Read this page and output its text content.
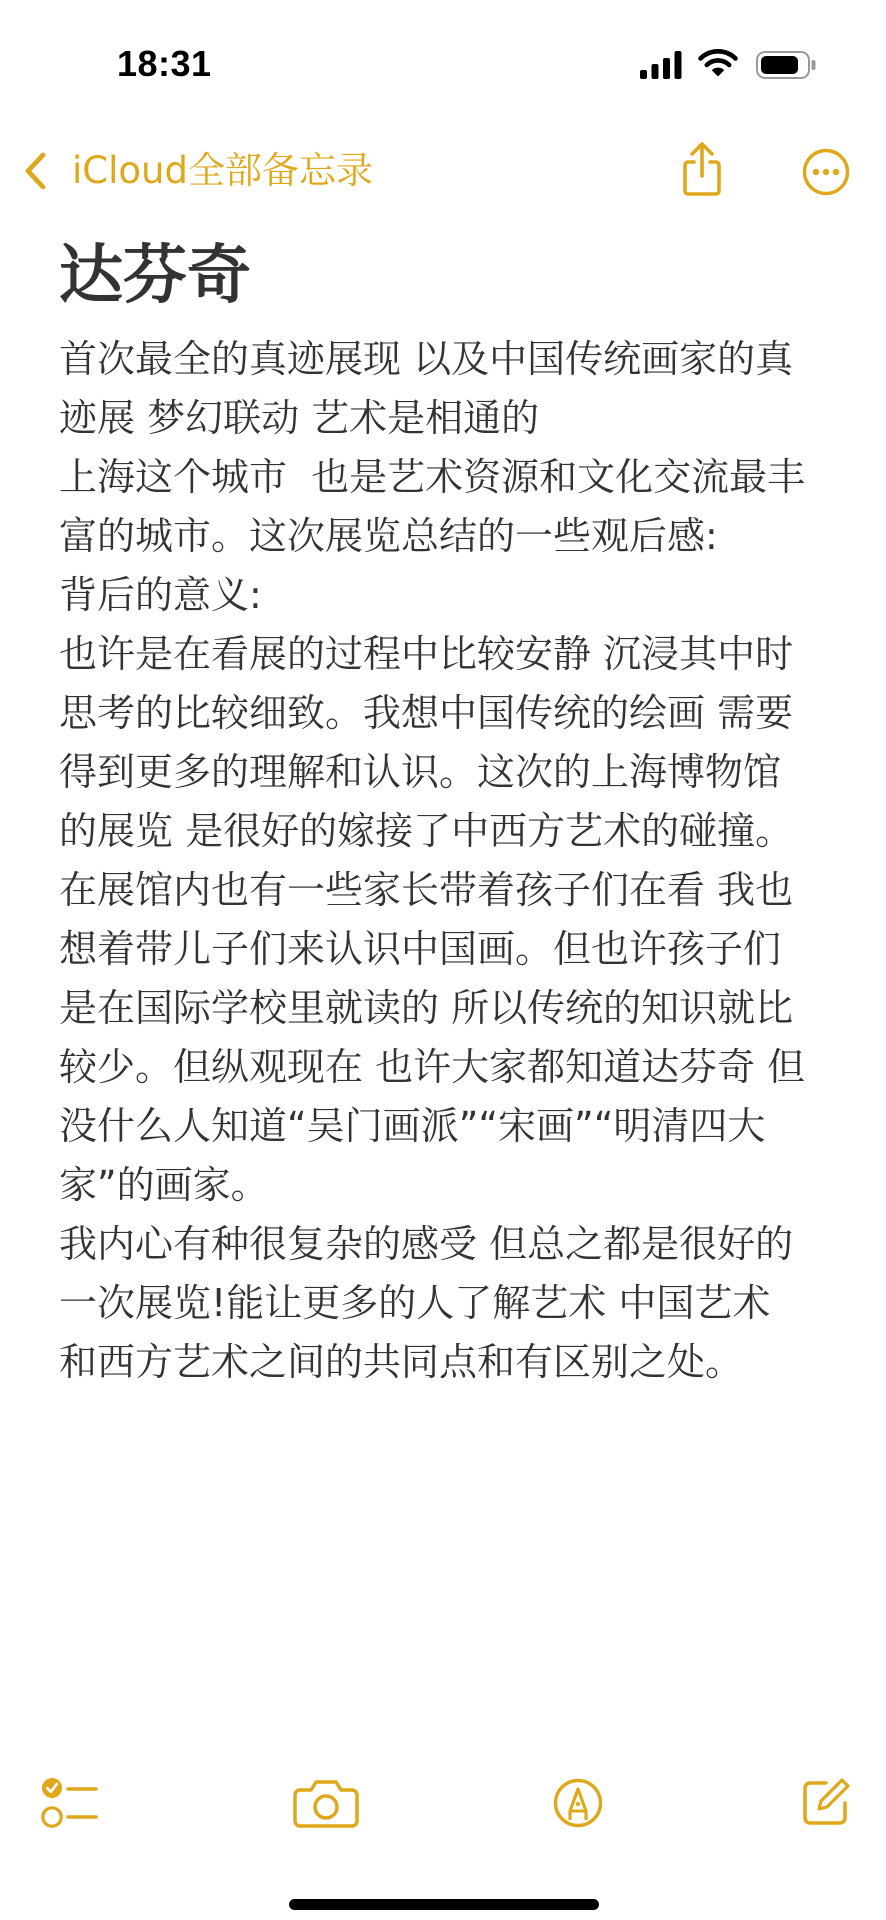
18:31
iCloud全部备忘录
达芬奇
首次最全的真迹展现 以及中国传统画家的真
迹展 梦幻联动 艺术是相通的
上海这个城市  也是艺术资源和文化交流最丰
富的城市。这次展览总结的一些观后感:
背后的意义:
也许是在看展的过程中比较安静 沉浸其中时
思考的比较细致。我想中国传统的绘画 需要
得到更多的理解和认识。这次的上海博物馆
的展览 是很好的嫁接了中西方艺术的碰撞。
在展馆内也有一些家长带着孩子们在看 我也
想着带儿子们来认识中国画。但也许孩子们
是在国际学校里就读的 所以传统的知识就比
较少。但纵观现在 也许大家都知道达芬奇 但
没什么人知道“吴门画派”“宋画”“明清四大
家”的画家。
我内心有种很复杂的感受 但总之都是很好的
一次展览!能让更多的人了解艺术 中国艺术
和西方艺术之间的共同点和有区别之处。
